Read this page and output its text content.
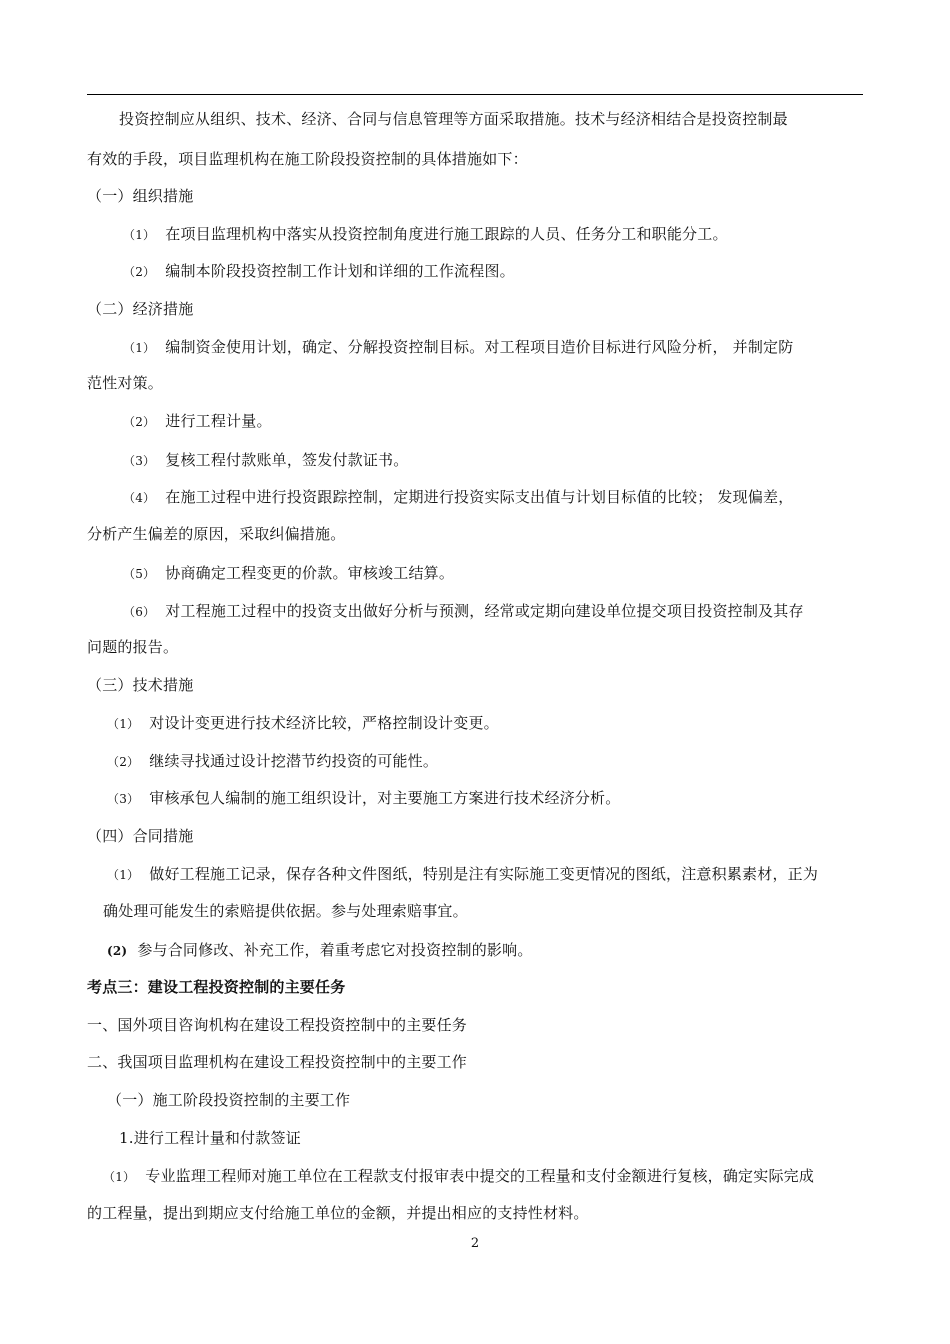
投资控制应从组织、技术、经济、合同与信息管理等方面采取措施。技术与经济相结合是投资控制最
有效的手段，项目监理机构在施工阶段投资控制的具体措施如下：
（一）组织措施
（1） 在项目监理机构中落实从投资控制角度进行施工跟踪的人员、任务分工和职能分工。
（2） 编制本阶段投资控制工作计划和详细的工作流程图。
（二）经济措施
（1） 编制资金使用计划，确定、分解投资控制目标。对工程项目造价目标进行风险分析， 并制定防
范性对策。
（2） 进行工程计量。
（3） 复核工程付款账单，签发付款证书。
（4） 在施工过程中进行投资跟踪控制，定期进行投资实际支出值与计划目标值的比较； 发现偏差，
分析产生偏差的原因，采取纠偏措施。
（5） 协商确定工程变更的价款。审核竣工结算。
（6） 对工程施工过程中的投资支出做好分析与预测，经常或定期向建设单位提交项目投资控制及其存
问题的报告。
（三）技术措施
（1） 对设计变更进行技术经济比较，严格控制设计变更。
（2） 继续寻找通过设计挖潜节约投资的可能性。
（3） 审核承包人编制的施工组织设计，对主要施工方案进行技术经济分析。
（四）合同措施
（1） 做好工程施工记录，保存各种文件图纸，特别是注有实际施工变更情况的图纸，注意积累素材，正为
确处理可能发生的索赔提供依据。参与处理索赔事宜。
(2) 参与合同修改、补充工作，着重考虑它对投资控制的影响。
考点三：建设工程投资控制的主要任务
一、国外项目咨询机构在建设工程投资控制中的主要任务
二、我国项目监理机构在建设工程投资控制中的主要工作
（一）施工阶段投资控制的主要工作
1.进行工程计量和付款签证
（1） 专业监理工程师对施工单位在工程款支付报审表中提交的工程量和支付金额进行复核，确定实际完成
的工程量，提出到期应支付给施工单位的金额，并提出相应的支持性材料。
2
